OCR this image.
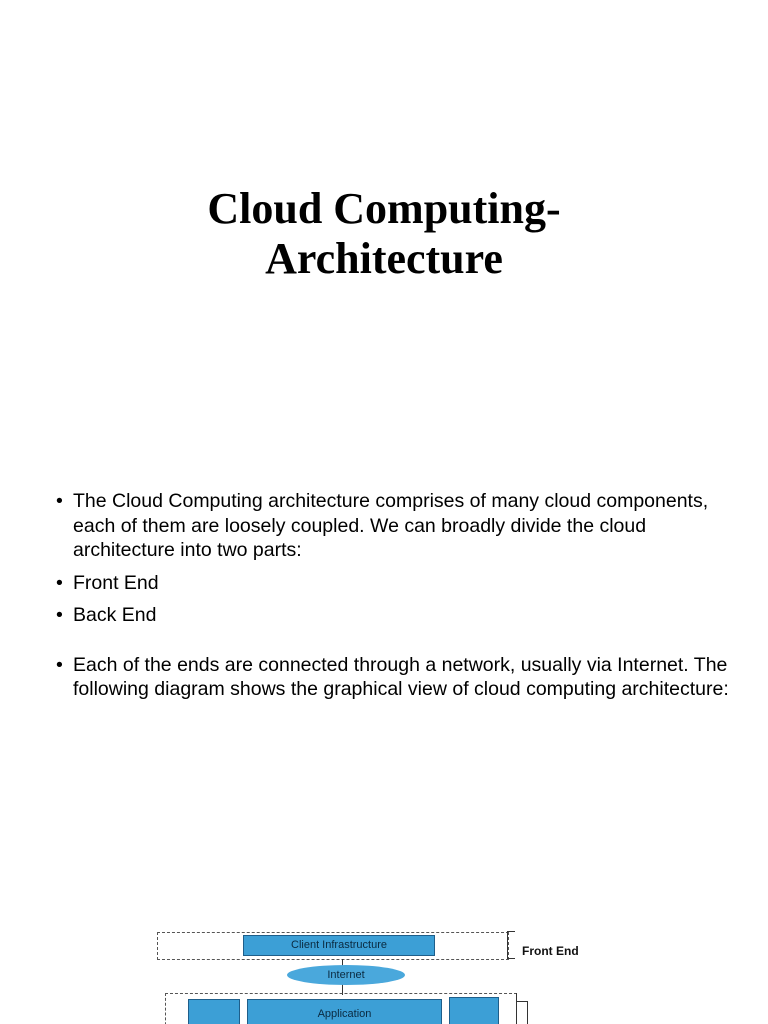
Cloud Computing-
Architecture
• The Cloud Computing architecture comprises of many cloud components, each of them are loosely coupled. We can broadly divide the cloud architecture into two parts:
• Front End
• Back End
• Each of the ends are connected through a network, usually via Internet. The following diagram shows the graphical view of cloud computing architecture:
Client Infrastructure	Front End
Internet
Application
